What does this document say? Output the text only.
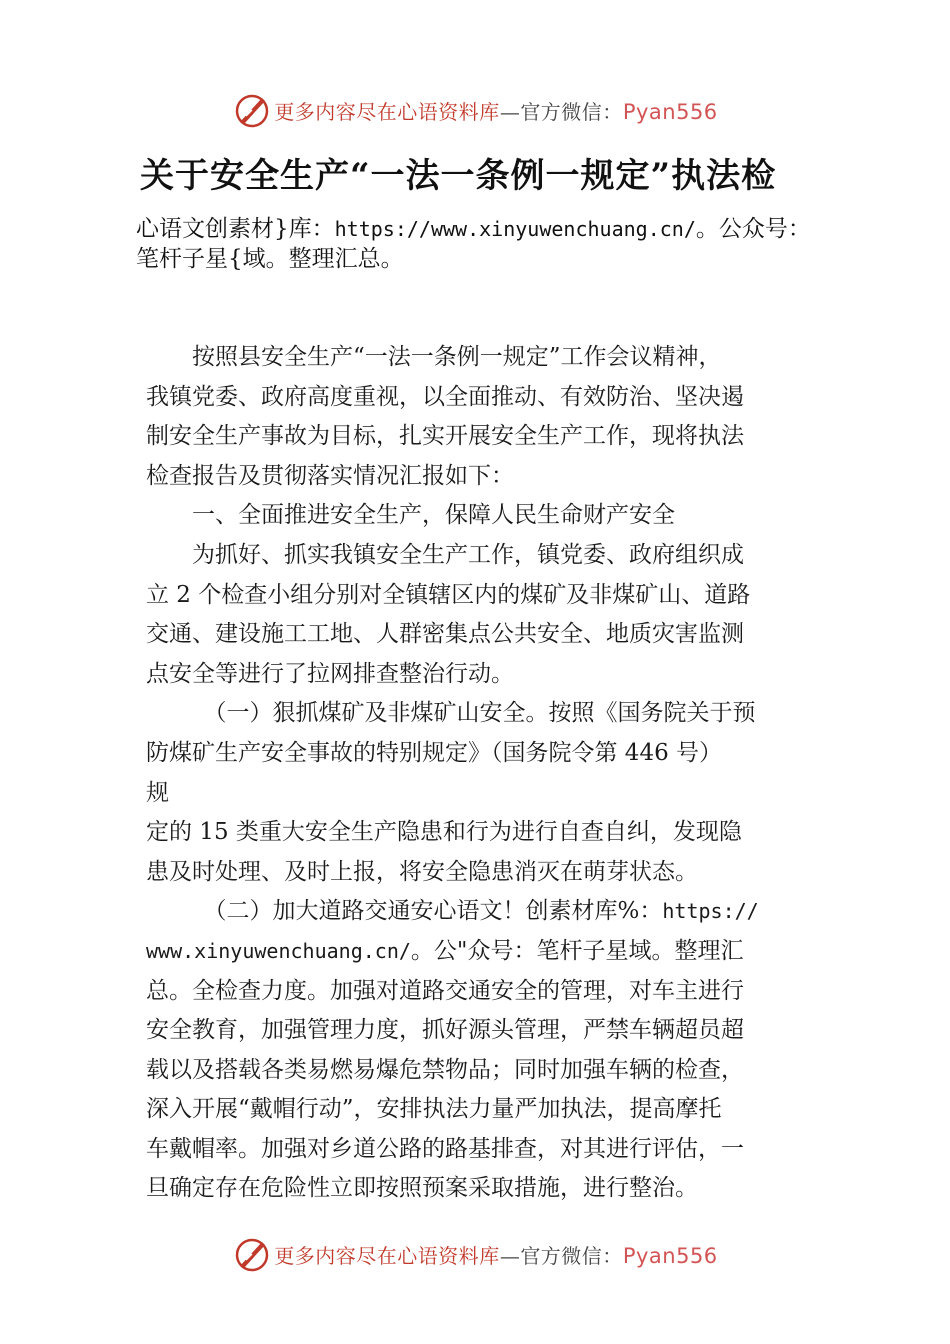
更多内容尽在心语资料库—官方微信：Pyan556
关于安全生产“一法一条例一规定”执法检
心语文创素材}库：https://www.xinyuwenchuang.cn/。公众号：
笔杆子星{域。整理汇总。

按照县安全生产“一法一条例一规定”工作会议精神，

我镇党委、政府高度重视，以全面推动、有效防治、坚决遏

制安全生产事故为目标，扎实开展安全生产工作，现将执法

检查报告及贯彻落实情况汇报如下：

一、全面推进安全生产，保障人民生命财产安全

为抓好、抓实我镇安全生产工作，镇党委、政府组织成

立 2 个检查小组分别对全镇辖区内的煤矿及非煤矿山、道路

交通、建设施工工地、人群密集点公共安全、地质灾害监测

点安全等进行了拉网排查整治行动。

（一）狠抓煤矿及非煤矿山安全。按照《国务院关于预

防煤矿生产安全事故的特别规定》（国务院令第 446 号）

规

定的 15 类重大安全生产隐患和行为进行自查自纠，发现隐

患及时处理、及时上报，将安全隐患消灭在萌芽状态。

（二）加大道路交通安心语文！创素材库%：https://

www.xinyuwenchuang.cn/。公"众号：笔杆子星域。整理汇

总。全检查力度。加强对道路交通安全的管理，对车主进行

安全教育，加强管理力度，抓好源头管理，严禁车辆超员超

载以及搭载各类易燃易爆危禁物品；同时加强车辆的检查，

深入开展“戴帽行动”，安排执法力量严加执法，提高摩托

车戴帽率。加强对乡道公路的路基排查，对其进行评估，一

旦确定存在危险性立即按照预案采取措施，进行整治。

更多内容尽在心语资料库—官方微信：Pyan556
